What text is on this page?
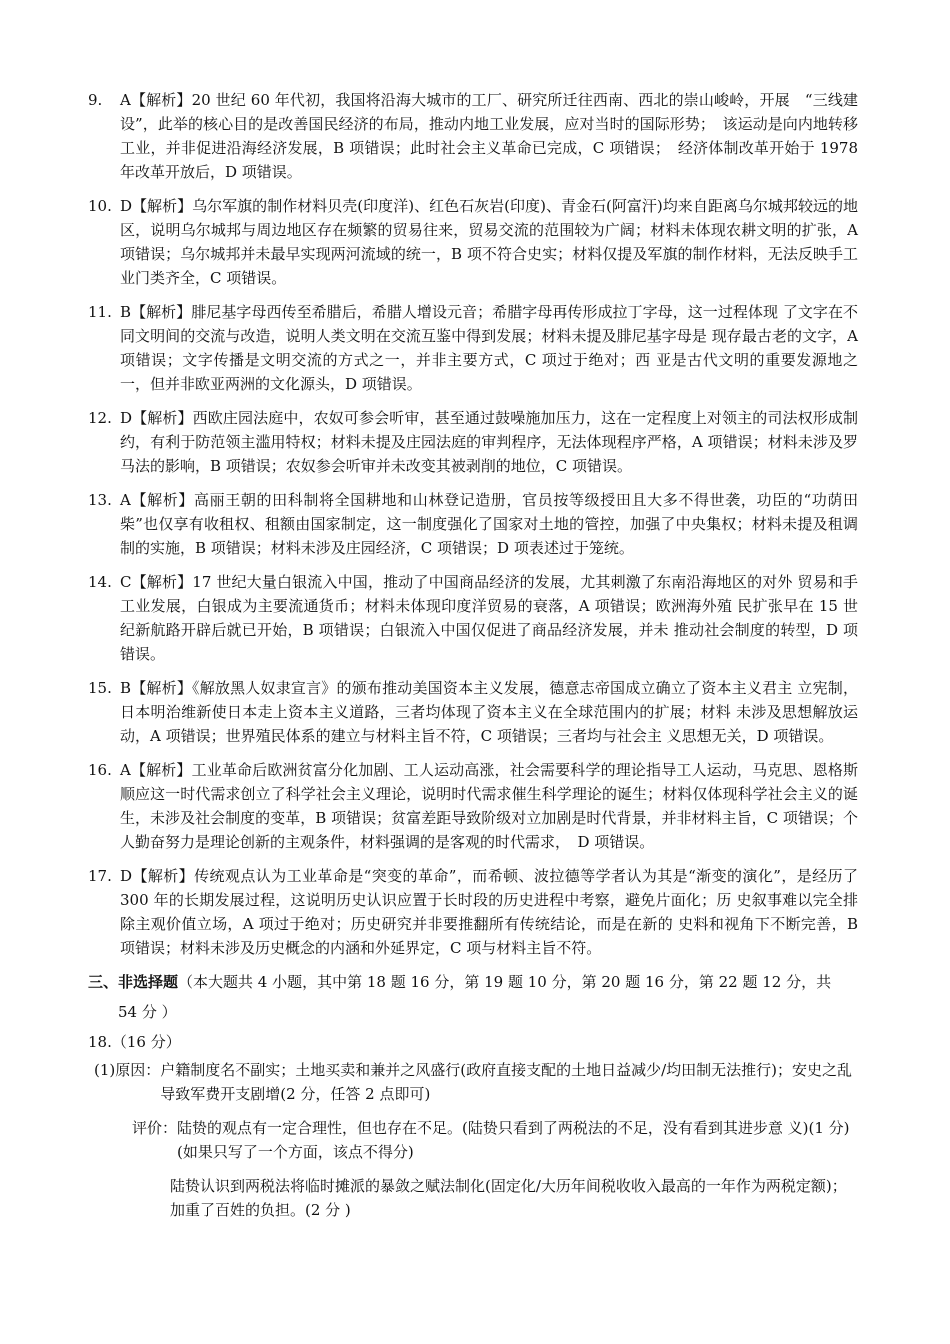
9.	A【解析】20 世纪 60 年代初，我国将沿海大城市的工厂、研究所迁往西南、西北的崇山峻岭，开展　“三线建设”，此举的核心目的是改善国民经济的布局，推动内地工业发展，应对当时的国际形势；　该运动是向内地转移工业，并非促进沿海经济发展，B 项错误；此时社会主义革命已完成，C 项错误；　经济体制改革开始于 1978 年改革开放后，D 项错误。
10. D【解析】乌尔军旗的制作材料贝壳(印度洋)、红色石灰岩(印度)、青金石(阿富汗)均来自距离乌尔城邦较远的地区，说明乌尔城邦与周边地区存在频繁的贸易往来，贸易交流的范围较为广阔；材料未体现农耕文明的扩张，A 项错误；乌尔城邦并未最早实现两河流域的统一，B 项不符合史实；材料仅提及军旗的制作材料，无法反映手工业门类齐全，C 项错误。
11. B【解析】腓尼基字母西传至希腊后，希腊人增设元音；希腊字母再传形成拉丁字母，这一过程体现 了文字在不同文明间的交流与改造，说明人类文明在交流互鉴中得到发展；材料未提及腓尼基字母是 现存最古老的文字，A 项错误；文字传播是文明交流的方式之一，并非主要方式，C 项过于绝对；西 亚是古代文明的重要发源地之一，但并非欧亚两洲的文化源头，D 项错误。
12. D【解析】西欧庄园法庭中，农奴可参会听审，甚至通过鼓噪施加压力，这在一定程度上对领主的司法权形成制约，有利于防范领主滥用特权；材料未提及庄园法庭的审判程序，无法体现程序严格，A 项错误；材料未涉及罗马法的影响，B 项错误；农奴参会听审并未改变其被剥削的地位，C 项错误。
13. A【解析】高丽王朝的田科制将全国耕地和山林登记造册，官员按等级授田且大多不得世袭，功臣的“功荫田柴”也仅享有收租权、租额由国家制定，这一制度强化了国家对土地的管控，加强了中央集权；材料未提及租调制的实施，B 项错误；材料未涉及庄园经济，C 项错误；D 项表述过于笼统。
14. C【解析】17 世纪大量白银流入中国，推动了中国商品经济的发展，尤其刺激了东南沿海地区的对外 贸易和手工业发展，白银成为主要流通货币；材料未体现印度洋贸易的衰落，A 项错误；欧洲海外殖 民扩张早在 15 世纪新航路开辟后就已开始，B 项错误；白银流入中国仅促进了商品经济发展，并未 推动社会制度的转型，D 项错误。
15. B【解析】《解放黑人奴隶宣言》的颁布推动美国资本主义发展，德意志帝国成立确立了资本主义君主 立宪制，日本明治维新使日本走上资本主义道路，三者均体现了资本主义在全球范围内的扩展；材料 未涉及思想解放运动，A 项错误；世界殖民体系的建立与材料主旨不符，C 项错误；三者均与社会主 义思想无关，D 项错误。
16. A【解析】工业革命后欧洲贫富分化加剧、工人运动高涨，社会需要科学的理论指导工人运动，马克思、恩格斯顺应这一时代需求创立了科学社会主义理论，说明时代需求催生科学理论的诞生；材料仅体现科学社会主义的诞生，未涉及社会制度的变革，B 项错误；贫富差距导致阶级对立加剧是时代背景，并非材料主旨，C 项错误；个人勤奋努力是理论创新的主观条件，材料强调的是客观的时代需求，　D 项错误。
17. D【解析】传统观点认为工业革命是“突变的革命”，而希顿、波拉德等学者认为其是“渐变的演化”，是经历了 300 年的长期发展过程，这说明历史认识应置于长时段的历史进程中考察，避免片面化；历 史叙事难以完全排除主观价值立场，A 项过于绝对；历史研究并非要推翻所有传统结论，而是在新的 史料和视角下不断完善，B 项错误；材料未涉及历史概念的内涵和外延界定，C 项与材料主旨不符。
三、非选择题（本大题共 4 小题，其中第 18 题 16 分，第 19 题 10 分，第 20 题 16 分，第 22 题 12 分，共
54 分 ）
18.（16 分）
(1)原因： 户籍制度名不副实；土地买卖和兼并之风盛行(政府直接支配的土地日益减少/均田制无法推行)；安史之乱导致军费开支剧增(2 分，任答 2 点即可)
评价： 陆贽的观点有一定合理性，但也存在不足。(陆贽只看到了两税法的不足，没有看到其进步意 义)(1 分)(如果只写了一个方面，该点不得分)
陆贽认识到两税法将临时摊派的暴敛之赋法制化(固定化/大历年间税收收入最高的一年作为两税定额)；加重了百姓的负担。(2 分 )
